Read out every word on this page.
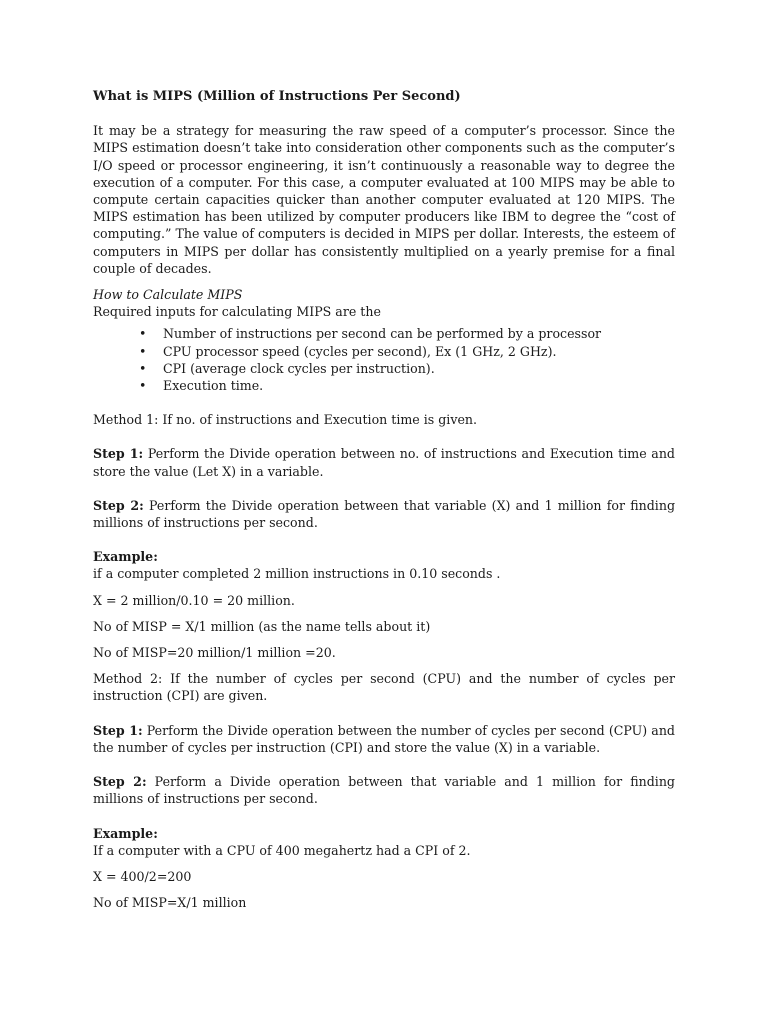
What is MIPS (Million of Instructions Per Second)

It may be a strategy for measuring the raw speed of a computer’s processor. Since the MIPS estimation doesn’t take into consideration other components such as the computer’s I/O speed or processor engineering, it isn’t continuously a reasonable way to degree the execution of a computer. For this case, a computer evaluated at 100 MIPS may be able to compute certain capacities quicker than another computer evaluated at 120 MIPS. The MIPS estimation has been utilized by computer producers like IBM to degree the “cost of computing.” The value of computers is decided in MIPS per dollar. Interests, the esteem of computers in MIPS per dollar has consistently multiplied on a yearly premise for a final couple of decades.

How to Calculate MIPS

Required inputs for calculating MIPS are the

• Number of instructions per second can be performed by a processor
• CPU processor speed (cycles per second), Ex (1 GHz, 2 GHz).
• CPI (average clock cycles per instruction).
• Execution time.

Method 1: If no. of instructions and Execution time is given.

Step 1: Perform the Divide operation between no. of instructions and Execution time and store the value (Let X) in a variable.

Step 2: Perform the Divide operation between that variable (X) and 1 million for finding millions of instructions per second.

Example:

if a computer completed 2 million instructions in 0.10 seconds .

X = 2 million/0.10 = 20 million.

No of MISP = X/1 million (as the name tells about it)

No of MISP=20 million/1 million =20.

Method 2: If the number of cycles per second (CPU) and the number of cycles per instruction (CPI) are given.

Step 1: Perform the Divide operation between the number of cycles per second (CPU) and the number of cycles per instruction (CPI) and store the value (X) in a variable.

Step 2: Perform a Divide operation between that variable and 1 million for finding millions of instructions per second.

Example:

If a computer with a CPU of 400 megahertz had a CPI of 2.

X = 400/2=200

No of MISP=X/1 million
